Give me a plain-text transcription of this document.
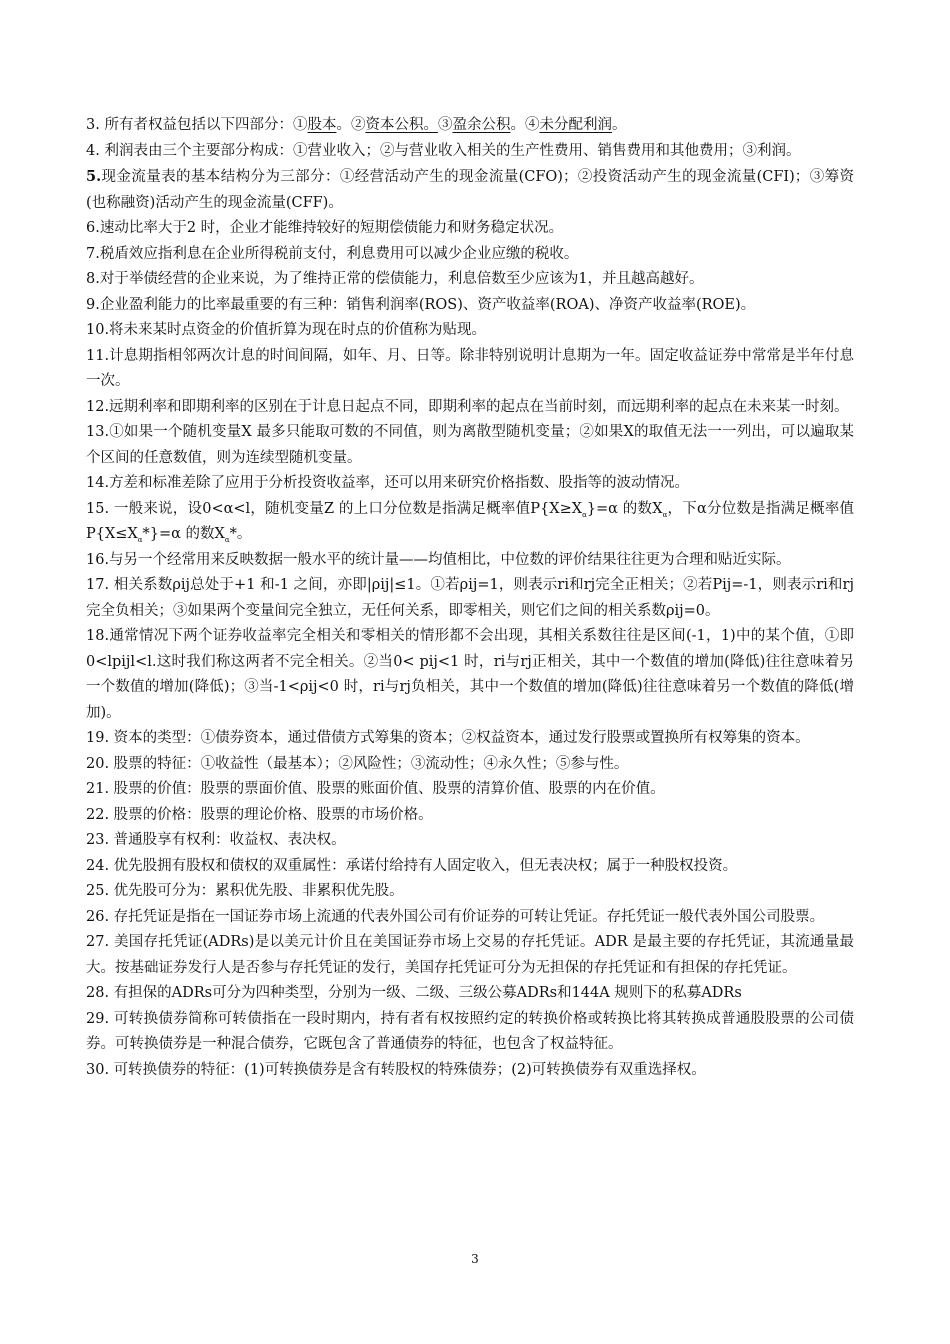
3. 所有者权益包括以下四部分：①股本。②资本公积。③盈余公积。④未分配利润。

4. 利润表由三个主要部分构成：①营业收入；②与营业收入相关的生产性费用、销售费用和其他费用；③利润。

5.现金流量表的基本结构分为三部分：①经营活动产生的现金流量(CFO)；②投资活动产生的现金流量(CFI)；③筹资(也称融资)活动产生的现金流量(CFF)。

6.速动比率大于2 时，企业才能维持较好的短期偿债能力和财务稳定状况。

7.税盾效应指利息在企业所得税前支付，利息费用可以减少企业应缴的税收。

8.对于举债经营的企业来说，为了维持正常的偿债能力，利息倍数至少应该为1，并且越高越好。

9.企业盈利能力的比率最重要的有三种：销售利润率(ROS)、资产收益率(ROA)、净资产收益率(ROE)。

10.将未来某时点资金的价值折算为现在时点的价值称为贴现。

11.计息期指相邻两次计息的时间间隔，如年、月、日等。除非特别说明计息期为一年。固定收益证券中常常是半年付息一次。

12.远期利率和即期利率的区别在于计息日起点不同，即期利率的起点在当前时刻，而远期利率的起点在未来某一时刻。

13.①如果一个随机变量X 最多只能取可数的不同值，则为离散型随机变量；②如果X的取值无法一一列出，可以遍取某个区间的任意数值，则为连续型随机变量。

14.方差和标准差除了应用于分析投资收益率，还可以用来研究价格指数、股指等的波动情况。

15. 一般来说，设0<α<l，随机变量Z 的上口分位数是指满足概率值$P\{X\ge X_\alpha\}=\alpha$ 的数$X_\alpha$，下α分位数是指满足概率值$P\{X\le X_\alpha*\}=\alpha$ 的数$X_\alpha*$。

16.与另一个经常用来反映数据一般水平的统计量——均值相比，中位数的评价结果往往更为合理和贴近实际。

17. 相关系数ρij总处于+1 和-1 之间，亦即|ρij|≤1。①若ρij=1，则表示ri和rj完全正相关；②若Pij=-1，则表示ri和rj完全负相关；③如果两个变量间完全独立，无任何关系，即零相关，则它们之间的相关系数ρij=0。

18.通常情况下两个证券收益率完全相关和零相关的情形都不会出现，其相关系数往往是区间(-1，1)中的某个值，①即0<lpijl<l.这时我们称这两者不完全相关。②当0< pij<1 时，ri与rj正相关，其中一个数值的增加(降低)往往意味着另一个数值的增加(降低)；③当-1<ρij<0 时，ri与rj负相关，其中一个数值的增加(降低)往往意味着另一个数值的降低(增加)。

19. 资本的类型：①债券资本，通过借债方式筹集的资本；②权益资本，通过发行股票或置换所有权筹集的资本。

20. 股票的特征：①收益性（最基本）；②风险性；③流动性；④永久性；⑤参与性。

21. 股票的价值：股票的票面价值、股票的账面价值、股票的清算价值、股票的内在价值。

22. 股票的价格：股票的理论价格、股票的市场价格。

23. 普通股享有权利：收益权、表决权。

24. 优先股拥有股权和债权的双重属性：承诺付给持有人固定收入，但无表决权；属于一种股权投资。

25. 优先股可分为：累积优先股、非累积优先股。

26. 存托凭证是指在一国证券市场上流通的代表外国公司有价证券的可转让凭证。存托凭证一般代表外国公司股票。

27. 美国存托凭证(ADRs)是以美元计价且在美国证券市场上交易的存托凭证。ADR 是最主要的存托凭证，其流通量最大。按基础证券发行人是否参与存托凭证的发行，美国存托凭证可分为无担保的存托凭证和有担保的存托凭证。

28. 有担保的ADRs可分为四种类型，分别为一级、二级、三级公募ADRs和144A 规则下的私募ADRs

29. 可转换债券简称可转债指在一段时期内，持有者有权按照约定的转换价格或转换比将其转换成普通股股票的公司债券。可转换债券是一种混合债券，它既包含了普通债券的特征，也包含了权益特征。

30. 可转换债券的特征：(1)可转换债券是含有转股权的特殊债券；(2)可转换债券有双重选择权。

3
